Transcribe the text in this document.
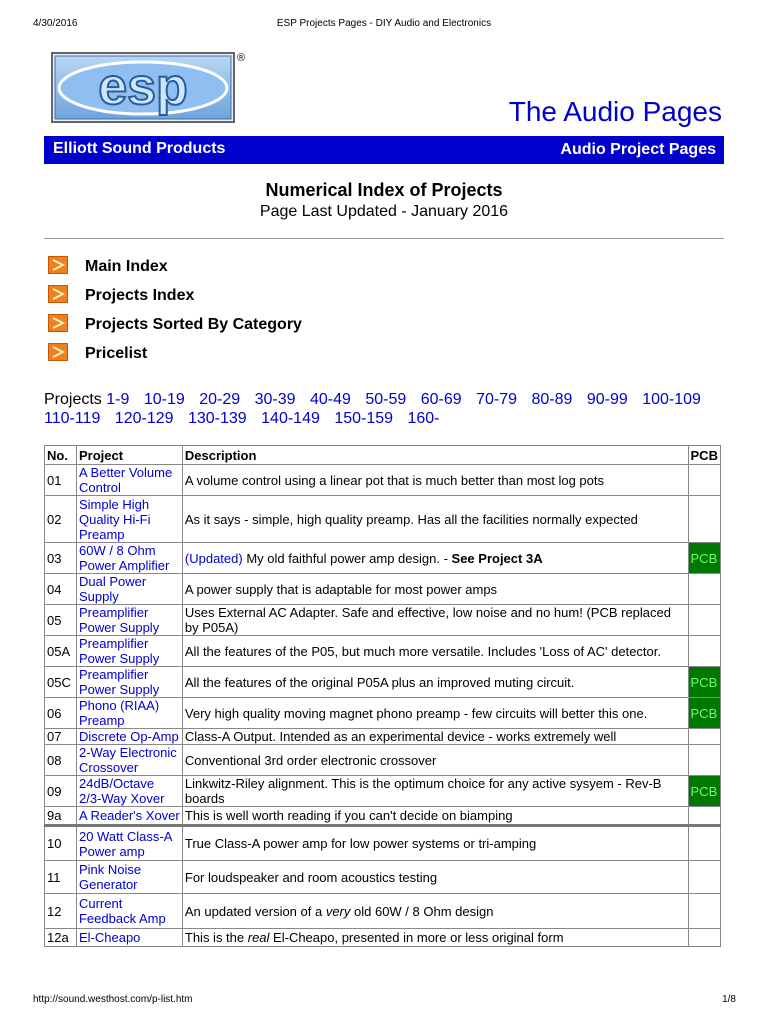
4/30/2016	ESP Projects Pages - DIY Audio and Electronics
esp	®
The Audio Pages
Elliott Sound Products	Audio Project Pages
Numerical Index of Projects
Page Last Updated - January 2016
Main Index
Projects Index
Projects Sorted By Category
Pricelist
Projects 1-9 10-19 20-29 30-39 40-49 50-59 60-69 70-79 80-89 90-99 100-109 110-119 120-129 130-139 140-149 150-159 160-
No.	Project	Description	PCB
01	A Better Volume Control	A volume control using a linear pot that is much better than most log pots	
02	Simple High Quality Hi-Fi Preamp	As it says - simple, high quality preamp. Has all the facilities normally expected	
03	60W / 8 Ohm Power Amplifier	(Updated) My old faithful power amp design. - See Project 3A	PCB
04	Dual Power Supply	A power supply that is adaptable for most power amps	
05	Preamplifier Power Supply	Uses External AC Adapter. Safe and effective, low noise and no hum! (PCB replaced by P05A)	
05A	Preamplifier Power Supply	All the features of the P05, but much more versatile. Includes 'Loss of AC' detector.	
05C	Preamplifier Power Supply	All the features of the original P05A plus an improved muting circuit.	PCB
06	Phono (RIAA) Preamp	Very high quality moving magnet phono preamp - few circuits will better this one.	PCB
07	Discrete Op-Amp	Class-A Output. Intended as an experimental device - works extremely well	
08	2-Way Electronic Crossover	Conventional 3rd order electronic crossover	
09	24dB/Octave 2/3-Way Xover	Linkwitz-Riley alignment. This is the optimum choice for any active sysyem - Rev-B boards	PCB
9a	A Reader's Xover	This is well worth reading if you can't decide on biamping	
10	20 Watt Class-A Power amp	True Class-A power amp for low power systems or tri-amping	
11	Pink Noise Generator	For loudspeaker and room acoustics testing	
12	Current Feedback Amp	An updated version of a very old 60W / 8 Ohm design	
12a	El-Cheapo	This is the real El-Cheapo, presented in more or less original form	
http://sound.westhost.com/p-list.htm	1/8
